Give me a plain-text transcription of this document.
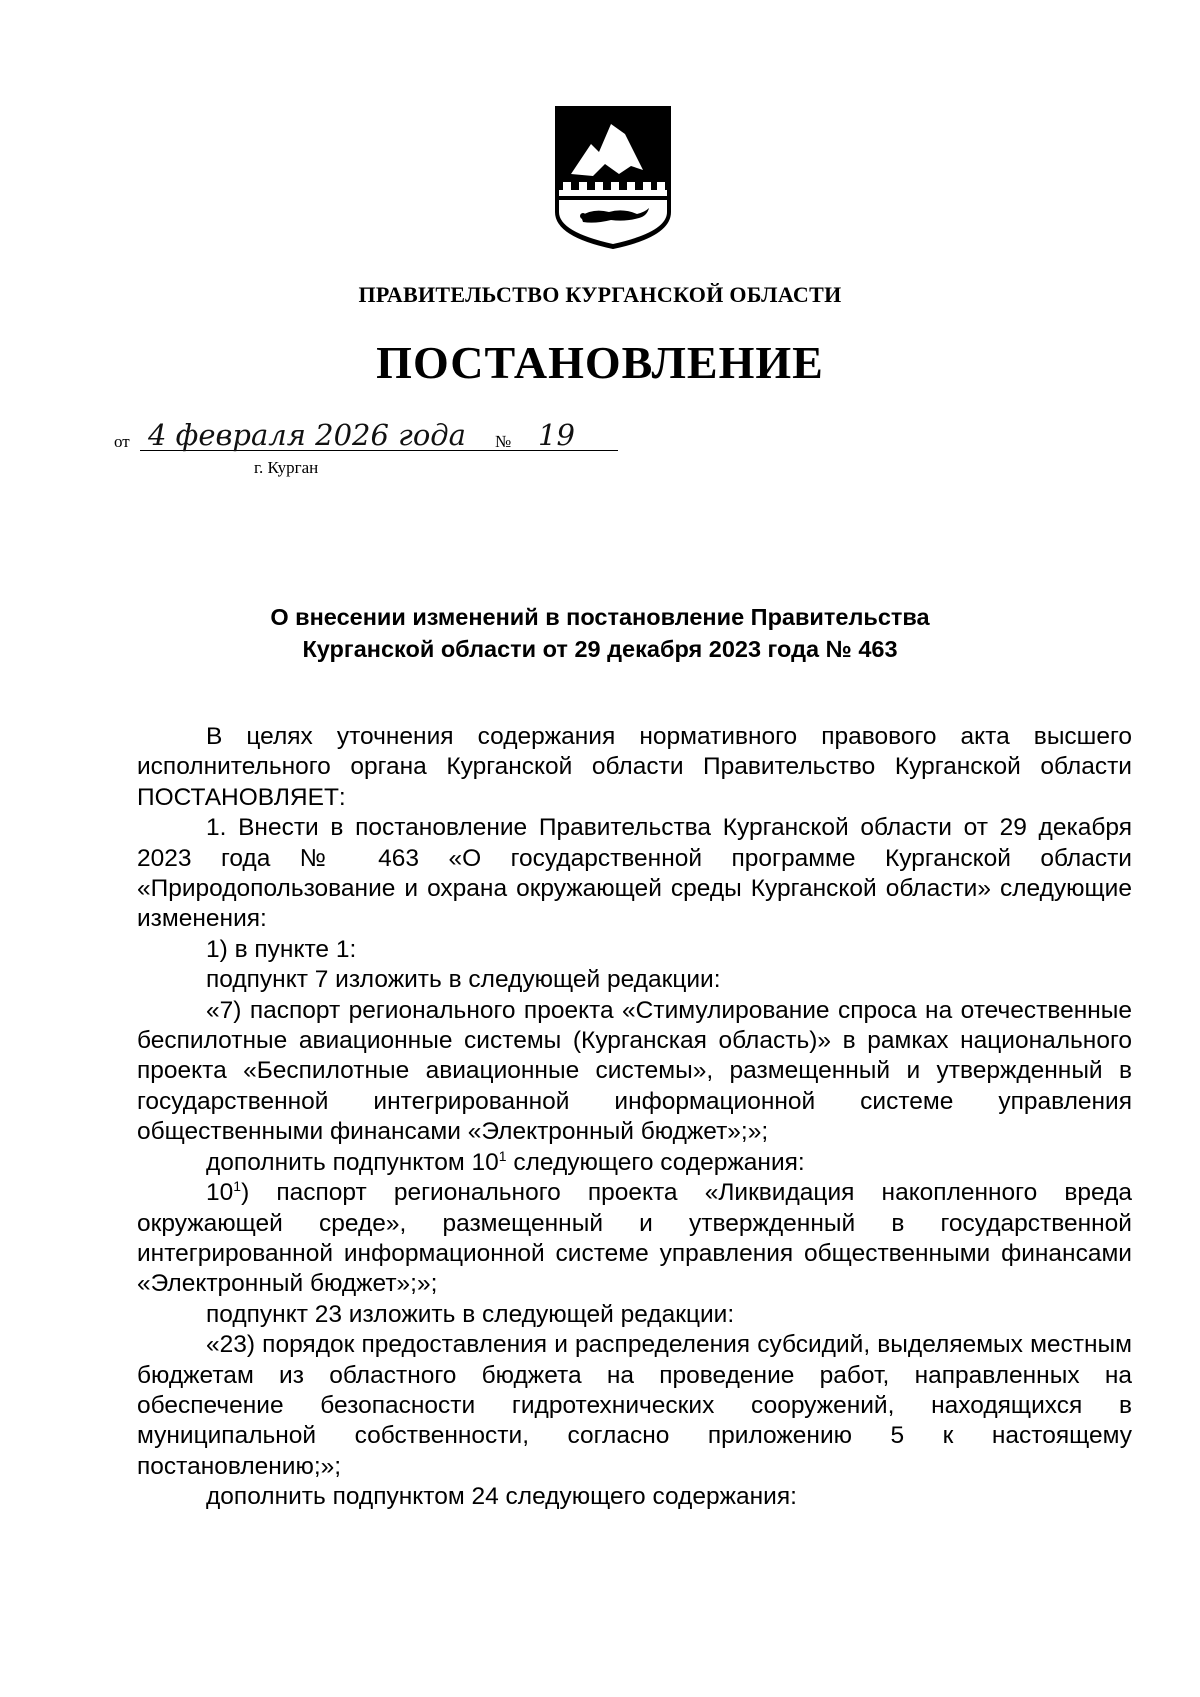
ПРАВИТЕЛЬСТВО КУРГАНСКОЙ ОБЛАСТИ
ПОСТАНОВЛЕНИЕ
от 4 февраля 2026 года № 19
г. Курган
О внесении изменений в постановление Правительства
Курганской области от 29 декабря 2023 года № 463

В целях уточнения содержания нормативного правового акта высшего исполнительного органа Курганской области Правительство Курганской области ПОСТАНОВЛЯЕТ:

1. Внести в постановление Правительства Курганской области от 29 декабря 2023 года № 463 «О государственной программе Курганской области «Природопользование и охрана окружающей среды Курганской области» следующие изменения:

1) в пункте 1:

подпункт 7 изложить в следующей редакции:

«7) паспорт регионального проекта «Стимулирование спроса на отечественные беспилотные авиационные системы (Курганская область)» в рамках национального проекта «Беспилотные авиационные системы», размещенный и утвержденный в государственной интегрированной информационной системе управления общественными финансами «Электронный бюджет»;»;

дополнить подпунктом $10^1$ следующего содержания:

$10^1$) паспорт регионального проекта «Ликвидация накопленного вреда окружающей среде», размещенный и утвержденный в государственной интегрированной информационной системе управления общественными финансами «Электронный бюджет»;»;

подпункт 23 изложить в следующей редакции:

«23) порядок предоставления и распределения субсидий, выделяемых местным бюджетам из областного бюджета на проведение работ, направленных на обеспечение безопасности гидротехнических сооружений, находящихся в муниципальной собственности, согласно приложению 5 к настоящему постановлению;»;

дополнить подпунктом 24 следующего содержания:
